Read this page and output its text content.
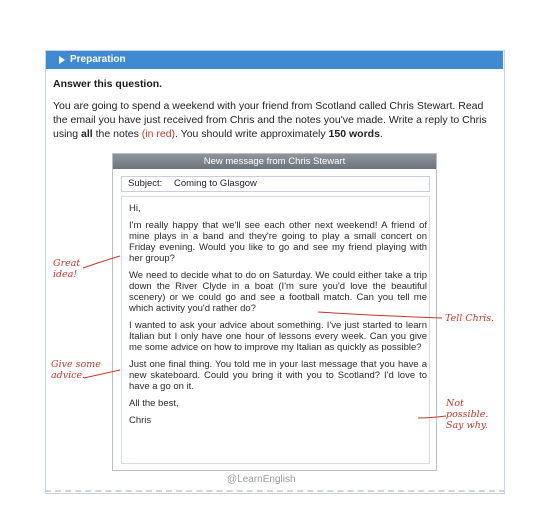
Preparation
Answer this question.
You are going to spend a weekend with your friend from Scotland called Chris Stewart. Read the email you have just received from Chris and the notes you've made. Write a reply to Chris using all the notes (in red). You should write approximately 150 words.
New message from Chris Stewart
Subject: Coming to Glasgow

Hi,

I'm really happy that we'll see each other next weekend! A friend of mine plays in a band and they're going to play a small concert on Friday evening. Would you like to go and see my friend playing with her group?

We need to decide what to do on Saturday. We could either take a trip down the River Clyde in a boat (I'm sure you'd love the beautiful scenery) or we could go and see a football match. Can you tell me which activity you'd rather do?

I wanted to ask your advice about something. I've just started to learn Italian but I only have one hour of lessons every week. Can you give me some advice on how to improve my Italian as quickly as possible?

Just one final thing. You told me in your last message that you have a new skateboard. Could you bring it with you to Scotland? I'd love to have a go on it.

All the best,

Chris

Great
idea!
Tell Chris.
Give some
advice.
Not
possible.
Say why.
@LearnEnglish
